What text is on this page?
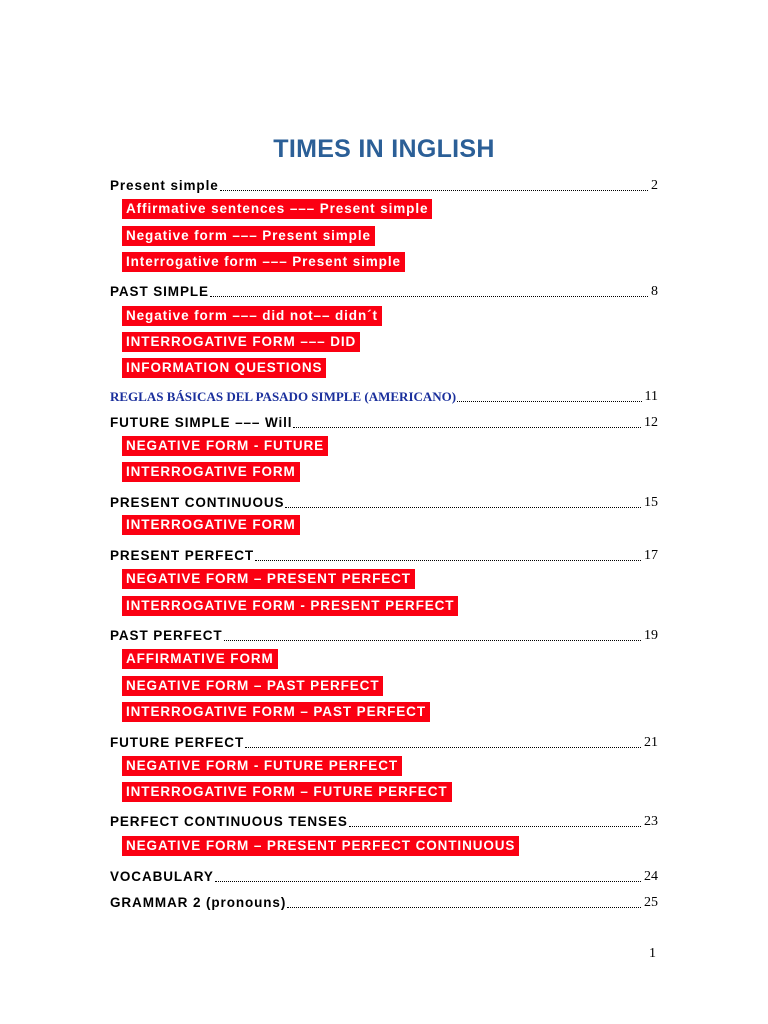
TIMES IN INGLISH
Present simple	2
Affirmative sentences ––– Present simple
Negative form ––– Present simple
Interrogative form ––– Present simple
PAST SIMPLE	8
Negative form ––– did not–– didn´t
INTERROGATIVE FORM ––– DID
INFORMATION QUESTIONS
REGLAS BÁSICAS DEL PASADO SIMPLE (AMERICANO)	11
FUTURE SIMPLE ––– Will	12
NEGATIVE FORM - FUTURE
INTERROGATIVE FORM
PRESENT CONTINUOUS	15
INTERROGATIVE FORM
PRESENT PERFECT	17
NEGATIVE FORM – PRESENT PERFECT
INTERROGATIVE FORM - PRESENT PERFECT
PAST PERFECT	19
AFFIRMATIVE FORM
NEGATIVE FORM – PAST PERFECT
INTERROGATIVE FORM – PAST PERFECT
FUTURE PERFECT	21
NEGATIVE FORM - FUTURE PERFECT
INTERROGATIVE FORM – FUTURE PERFECT
PERFECT CONTINUOUS TENSES	23
NEGATIVE FORM – PRESENT PERFECT CONTINUOUS
VOCABULARY	24
GRAMMAR 2 (pronouns)	25
1
